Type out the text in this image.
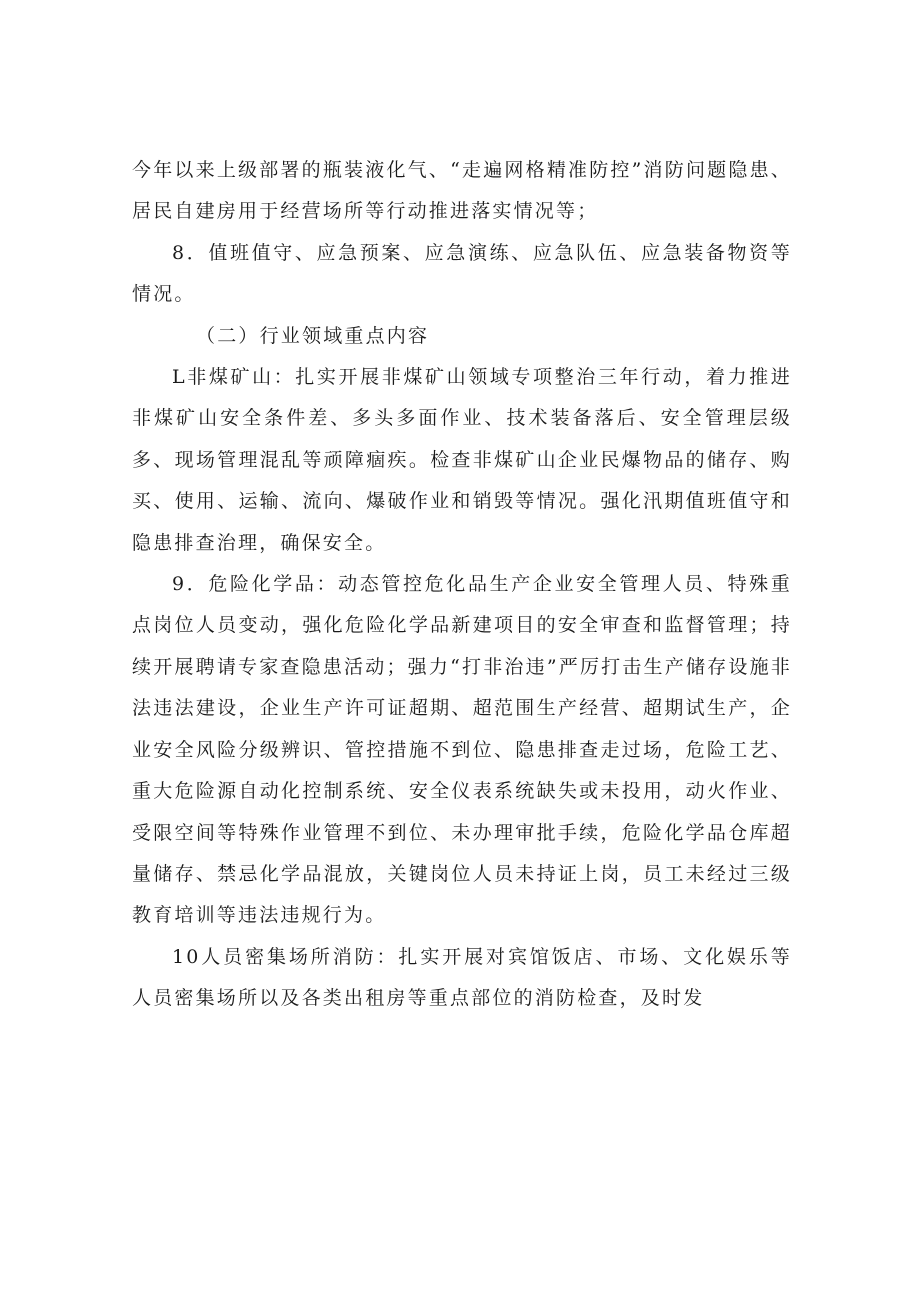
今年以来上级部署的瓶装液化气、“走遍网格精准防控”消防问题隐患、居民自建房用于经营场所等行动推进落实情况等；

8．值班值守、应急预案、应急演练、应急队伍、应急装备物资等情况。

（二）行业领域重点内容

L非煤矿山：扎实开展非煤矿山领域专项整治三年行动，着力推进非煤矿山安全条件差、多头多面作业、技术装备落后、安全管理层级多、现场管理混乱等顽障痼疾。检查非煤矿山企业民爆物品的储存、购买、使用、运输、流向、爆破作业和销毁等情况。强化汛期值班值守和隐患排查治理，确保安全。

9．危险化学品：动态管控危化品生产企业安全管理人员、特殊重点岗位人员变动，强化危险化学品新建项目的安全审查和监督管理；持续开展聘请专家查隐患活动；强力“打非治违”严厉打击生产储存设施非法违法建设，企业生产许可证超期、超范围生产经营、超期试生产，企业安全风险分级辨识、管控措施不到位、隐患排查走过场，危险工艺、重大危险源自动化控制系统、安全仪表系统缺失或未投用，动火作业、受限空间等特殊作业管理不到位、未办理审批手续，危险化学品仓库超量储存、禁忌化学品混放，关键岗位人员未持证上岗，员工未经过三级教育培训等违法违规行为。

10人员密集场所消防：扎实开展对宾馆饭店、市场、文化娱乐等人员密集场所以及各类出租房等重点部位的消防检查，及时发
